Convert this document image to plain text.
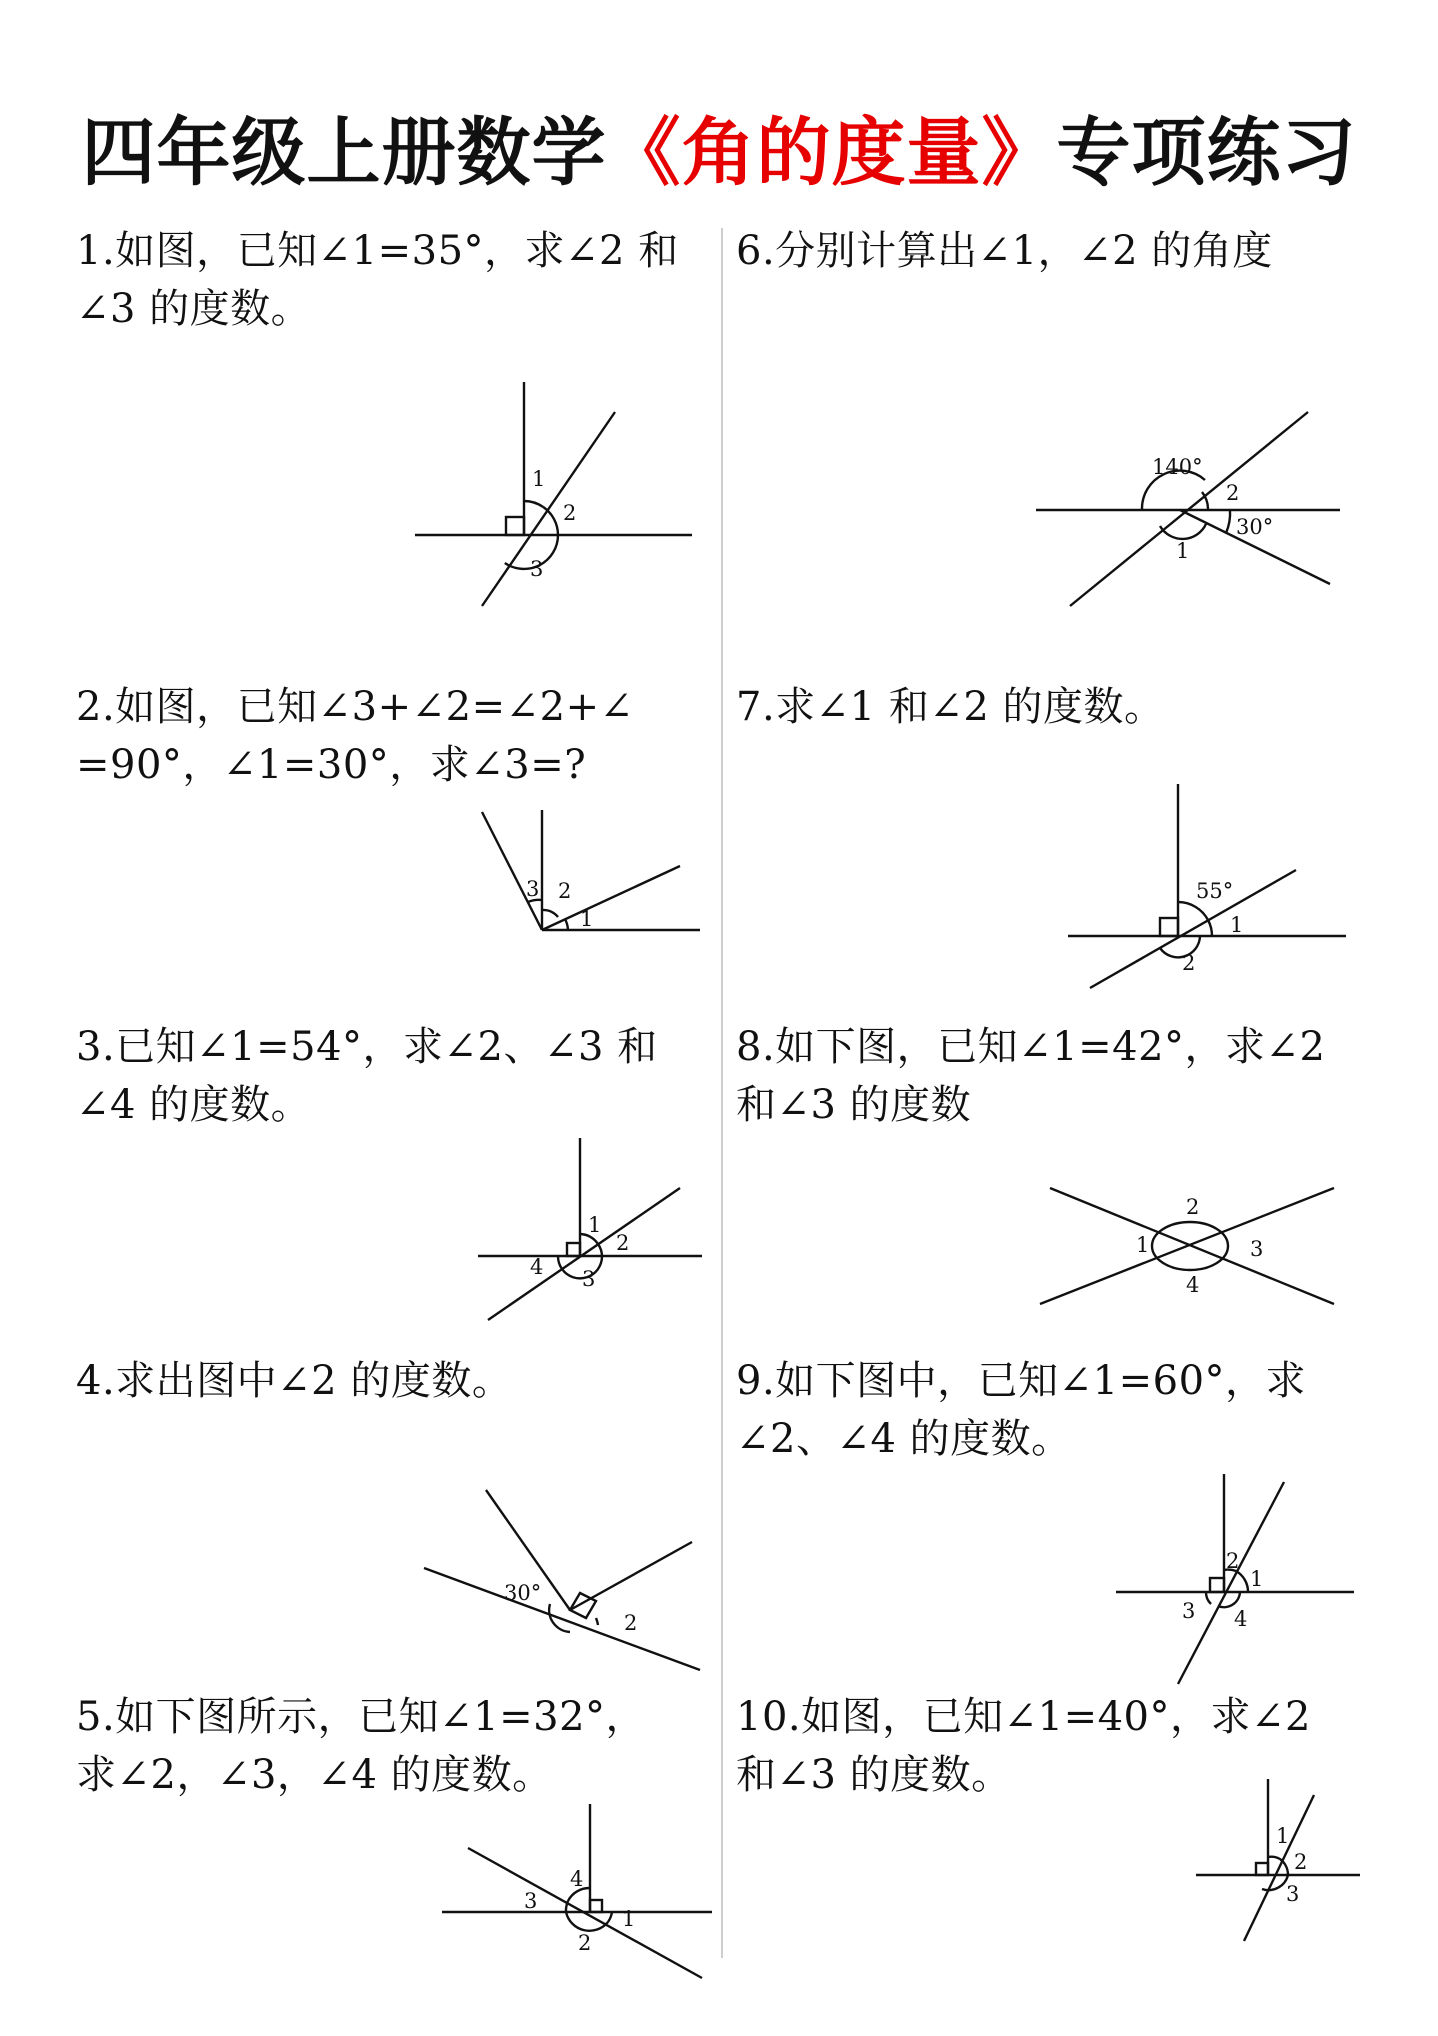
四年级上册数学《角的度量》专项练习
1.如图，已知∠1=35°，求∠2 和
∠3 的度数。
1
2
3
2.如图，已知∠3+∠2=∠2+∠
=90°，∠1=30°，求∠3=?
3 2
1
3.已知∠1=54°，求∠2、∠3 和
∠4 的度数。
1
2
3
4
4.求出图中∠2 的度数。
30°
2
5.如下图所示，已知∠1=32°，
求∠2，∠3，∠4 的度数。
4
3
1
2
6.分别计算出∠1，∠2 的角度
140°
2
30°
1
7.求∠1 和∠2 的度数。
55°
1
2
8.如下图，已知∠1=42°，求∠2
和∠3 的度数
2
1	3
4
9.如下图中，已知∠1=60°，求
∠2、∠4 的度数。
2
1
3 4
10.如图，已知∠1=40°，求∠2
和∠3 的度数。
1
2
3
